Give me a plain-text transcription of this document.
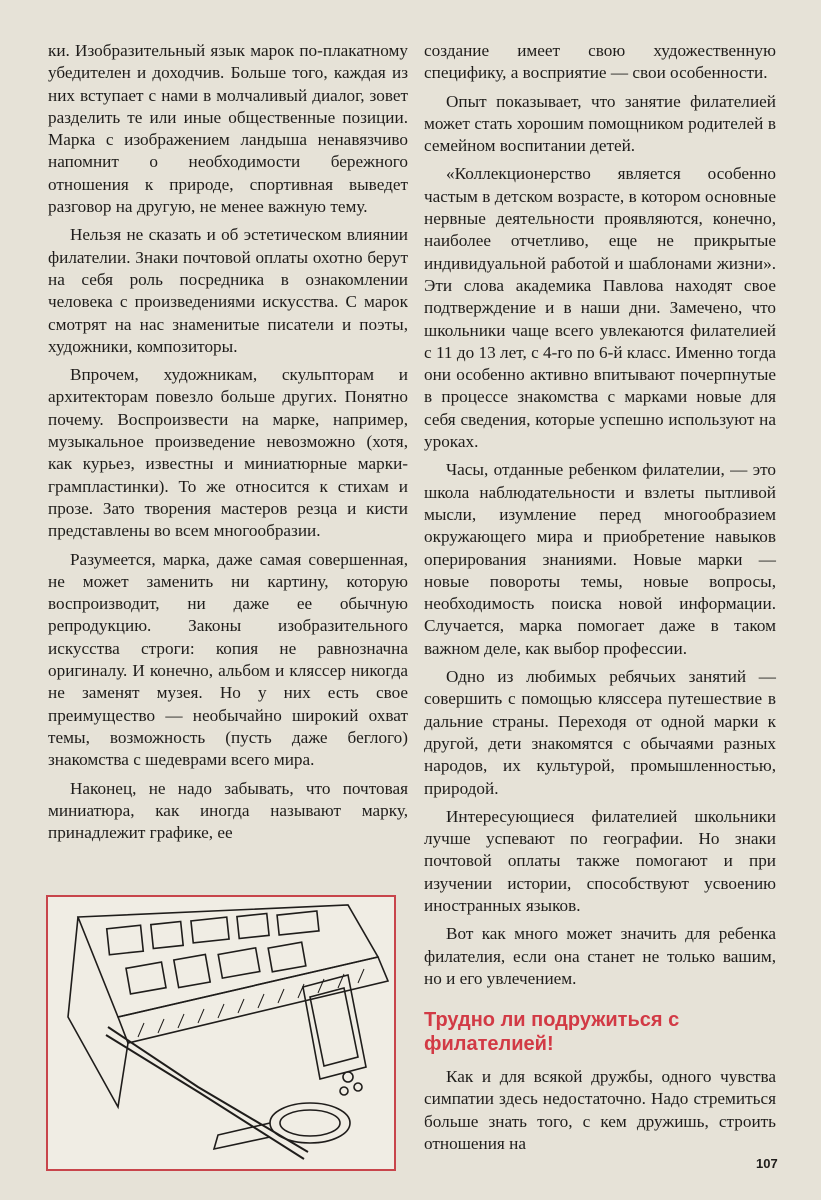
ки. Изобразительный язык марок по-плакатному убедителен и доходчив. Больше того, каждая из них вступает с нами в молчаливый диалог, зовет разделить те или иные общественные позиции. Марка с изображением ландыша ненавязчиво напомнит о необходимости бережного отношения к природе, спортивная выведет разговор на другую, не менее важную тему.

Нельзя не сказать и об эстетическом влиянии филателии. Знаки почтовой оплаты охотно берут на себя роль посредника в ознакомлении человека с произведениями искусства. С марок смотрят на нас знаменитые писатели и поэты, художники, композиторы.

Впрочем, художникам, скульпторам и архитекторам повезло больше других. Понятно почему. Воспроизвести на марке, например, музыкальное произведение невозможно (хотя, как курьез, известны и миниатюрные марки-грампластинки). То же относится к стихам и прозе. Зато творения мастеров резца и кисти представлены во всем многообразии.

Разумеется, марка, даже самая совершенная, не может заменить ни картину, которую воспроизводит, ни даже ее обычную репродукцию. Законы изобразительного искусства строги: копия не равнозначна оригиналу. И конечно, альбом и кляссер никогда не заменят музея. Но у них есть свое преимущество — необычайно широкий охват темы, возможность (пусть даже беглого) знакомства с шедеврами всего мира.

Наконец, не надо забывать, что почтовая миниатюра, как иногда называют марку, принадлежит графике, ее

создание имеет свою художественную специфику, а восприятие — свои особенности.

Опыт показывает, что занятие филателией может стать хорошим помощником родителей в семейном воспитании детей.

«Коллекционерство является особенно частым в детском возрасте, в котором основные нервные деятельности проявляются, конечно, наиболее отчетливо, еще не прикрытые индивидуальной работой и шаблонами жизни». Эти слова академика Павлова находят свое подтверждение и в наши дни. Замечено, что школьники чаще всего увлекаются филателией с 11 до 13 лет, с 4-го по 6-й класс. Именно тогда они особенно активно впитывают почерпнутые в процессе знакомства с марками новые для себя сведения, которые успешно используют на уроках.

Часы, отданные ребенком филателии, — это школа наблюдательности и взлеты пытливой мысли, изумление перед многообразием окружающего мира и приобретение навыков оперирования знаниями. Новые марки — новые повороты темы, новые вопросы, необходимость поиска новой информации. Случается, марка помогает даже в таком важном деле, как выбор профессии.

Одно из любимых ребячьих занятий — совершить с помощью кляссера путешествие в дальние страны. Переходя от одной марки к другой, дети знакомятся с обычаями разных народов, их культурой, промышленностью, природой.

Интересующиеся филателией школьники лучше успевают по географии. Но знаки почтовой оплаты также помогают и при изучении истории, способствуют усвоению иностранных языков.

Вот как много может значить для ребенка филателия, если она станет не только вашим, но и его увлечением.

Трудно ли подружиться с филателией!

Как и для всякой дружбы, одного чувства симпатии здесь недостаточно. Надо стремиться больше знать того, с кем дружишь, строить отношения на

107
